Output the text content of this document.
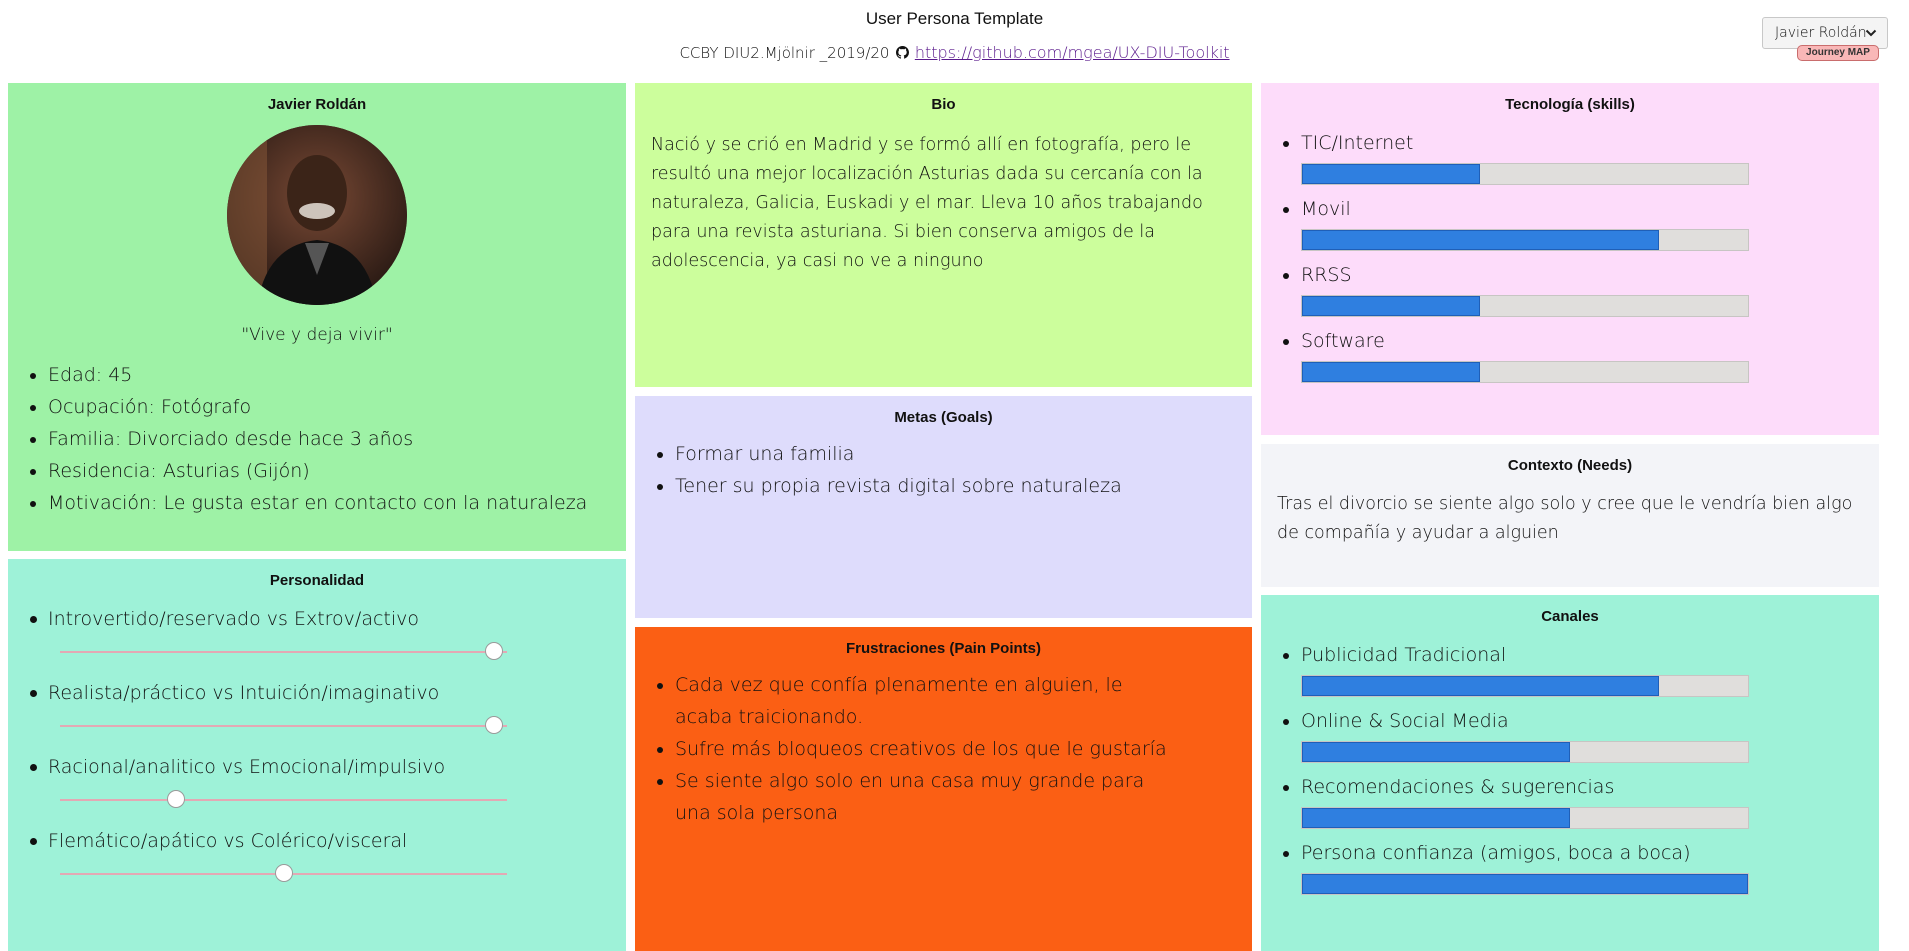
User Persona Template
CCBY DIU2.Mjölnir _2019/20 https://github.com/mgea/UX-DIU-Toolkit
Javier Roldán
Journey MAP
Javier Roldán
"Vive y deja vivir"
• Edad: 45
• Ocupación: Fotógrafo
• Familia: Divorciado desde hace 3 años
• Residencia: Asturias (Gijón)
• Motivación: Le gusta estar en contacto con la naturaleza
Personalidad
Introvertido/reservado vs Extrov/activo
Realista/práctico vs Intuición/imaginativo
Racional/analitico vs Emocional/impulsivo
Flemático/apático vs Colérico/visceral
Bio

Nació y se crió en Madrid y se formó allí en fotografía, pero le resultó una mejor localización Asturias dada su cercanía con la naturaleza, Galicia, Euskadi y el mar. Lleva 10 años trabajando para una revista asturiana. Si bien conserva amigos de la adolescencia, ya casi no ve a ninguno

Metas (Goals)
• Formar una familia
• Tener su propia revista digital sobre naturaleza
Frustraciones (Pain Points)
• Cada vez que confía plenamente en alguien, le acaba traicionando.
• Sufre más bloqueos creativos de los que le gustaría
• Se siente algo solo en una casa muy grande para una sola persona
Tecnología (skills)
• TIC/Internet
• Movil
• RRSS
• Software
Contexto (Needs)

Tras el divorcio se siente algo solo y cree que le vendría bien algo de compañía y ayudar a alguien

Canales
• Publicidad Tradicional
• Online & Social Media
• Recomendaciones & sugerencias
• Persona confianza (amigos, boca a boca)
